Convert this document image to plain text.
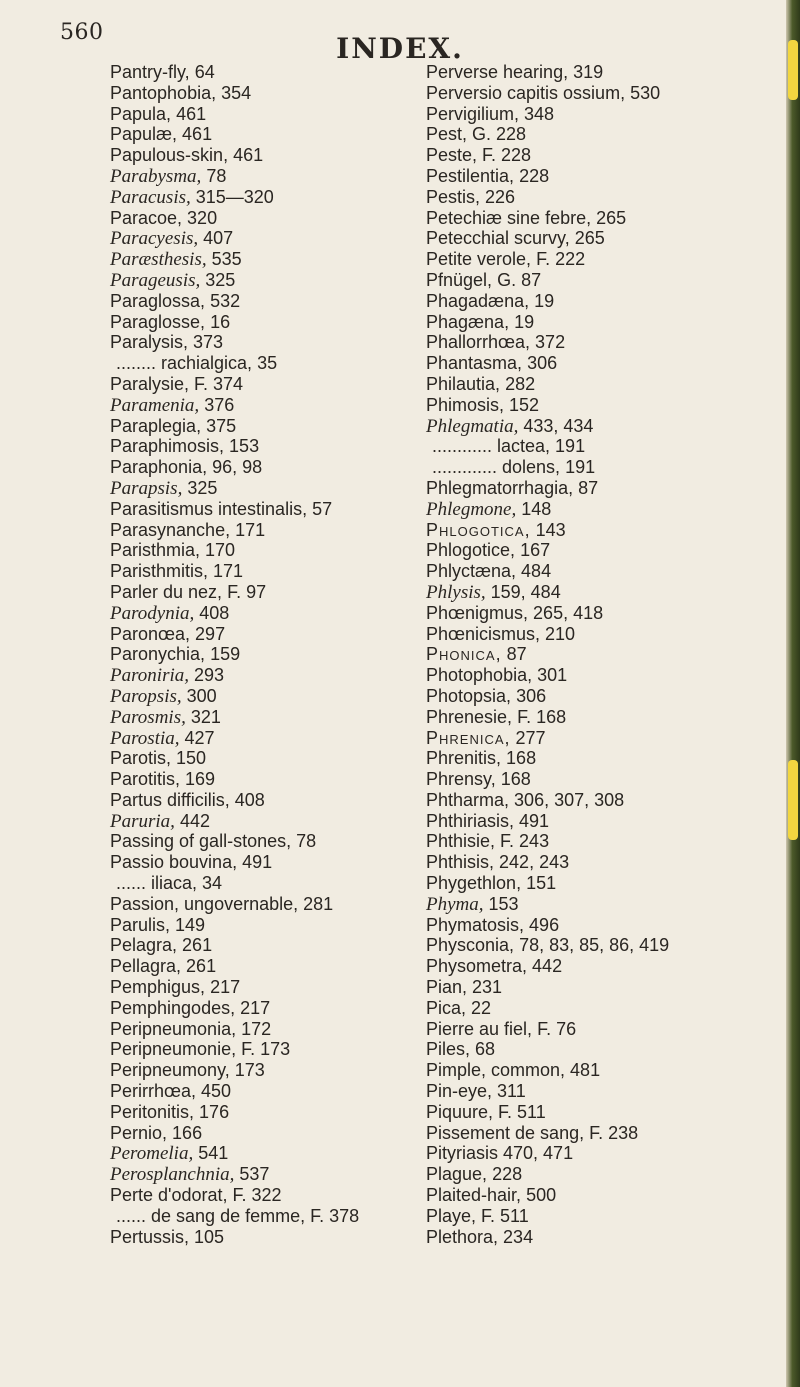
560	INDEX.
Pantry-fly, 64
Pantophobia, 354
Papula, 461
Papulæ, 461
Papulous-skin, 461
Parabysma, 78
Paracusis, 315—320
Paracoe, 320
Paracyesis, 407
Paræsthesis, 535
Parageusis, 325
Paraglossa, 532
Paraglosse, 16
Paralysis, 373
........ rachialgica, 35
Paralysie, F. 374
Paramenia, 376
Paraplegia, 375
Paraphimosis, 153
Paraphonia, 96, 98
Parapsis, 325
Parasitismus intestinalis, 57
Parasynanche, 171
Paristhmia, 170
Paristhmitis, 171
Parler du nez, F. 97
Parodynia, 408
Paronœa, 297
Paronychia, 159
Paroniria, 293
Paropsis, 300
Parosmis, 321
Parostia, 427
Parotis, 150
Parotitis, 169
Partus difficilis, 408
Paruria, 442
Passing of gall-stones, 78
Passio bouvina, 491
...... iliaca, 34
Passion, ungovernable, 281
Parulis, 149
Pelagra, 261
Pellagra, 261
Pemphigus, 217
Pemphingodes, 217
Peripneumonia, 172
Peripneumonie, F. 173
Peripneumony, 173
Perirrhœa, 450
Peritonitis, 176
Pernio, 166
Peromelia, 541
Perosplanchnia, 537
Perte d'odorat, F. 322
...... de sang de femme, F. 378
Pertussis, 105
Perverse hearing, 319
Perversio capitis ossium, 530
Pervigilium, 348
Pest, G. 228
Peste, F. 228
Pestilentia, 228
Pestis, 226
Petechiæ sine febre, 265
Petecchial scurvy, 265
Petite verole, F. 222
Pfnügel, G. 87
Phagadæna, 19
Phagæna, 19
Phallorrhœa, 372
Phantasma, 306
Philautia, 282
Phimosis, 152
Phlegmatia, 433, 434
............ lactea, 191
............. dolens, 191
Phlegmatorrhagia, 87
Phlegmone, 148
Phlogotica, 143
Phlogotice, 167
Phlyctæna, 484
Phlysis, 159, 484
Phœnigmus, 265, 418
Phœnicismus, 210
Phonica, 87
Photophobia, 301
Photopsia, 306
Phrenesie, F. 168
Phrenica, 277
Phrenitis, 168
Phrensy, 168
Phtharma, 306, 307, 308
Phthiriasis, 491
Phthisie, F. 243
Phthisis, 242, 243
Phygethlon, 151
Phyma, 153
Phymatosis, 496
Physconia, 78, 83, 85, 86, 419
Physometra, 442
Pian, 231
Pica, 22
Pierre au fiel, F. 76
Piles, 68
Pimple, common, 481
Pin-eye, 311
Piquure, F. 511
Pissement de sang, F. 238
Pityriasis 470, 471
Plague, 228
Plaited-hair, 500
Playe, F. 511
Plethora, 234
